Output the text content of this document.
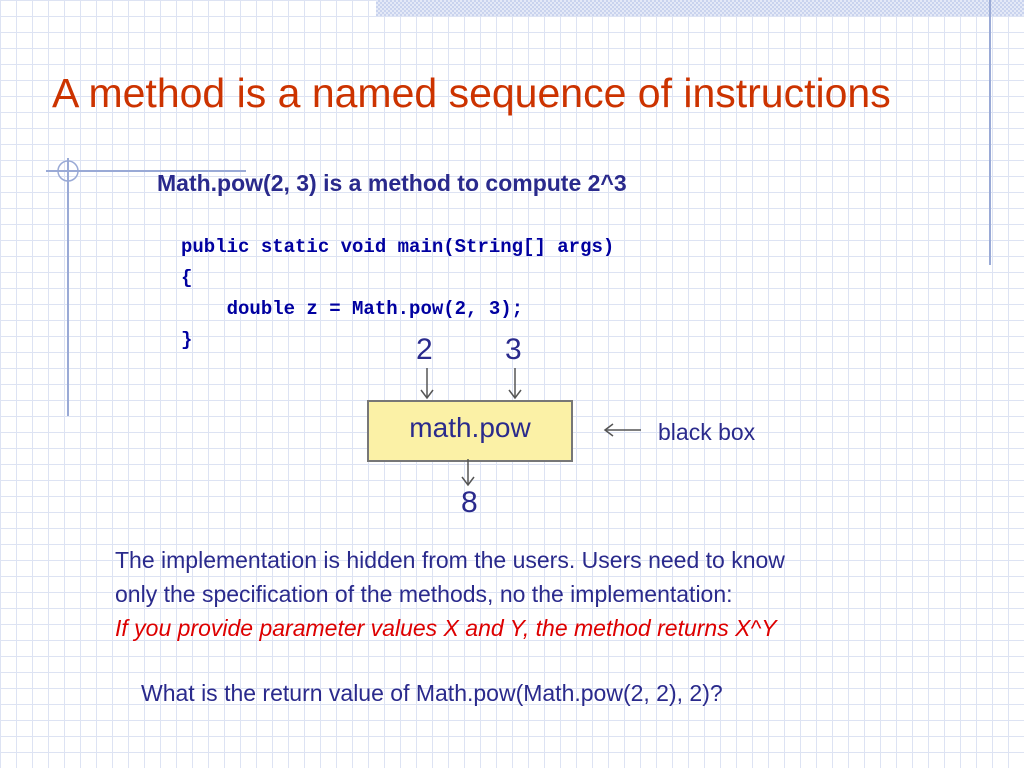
A method is a named sequence of instructions
Math.pow(2, 3) is a method to compute 2^3
public static void main(String[] args)
{
double z = Math.pow(2, 3);
}	2 3
math.pow	black box
8
The implementation is hidden from the users. Users need to know
only the specification of the methods, no the implementation:
If you provide parameter values X and Y, the method returns X^Y
What is the return value of Math.pow(Math.pow(2, 2), 2)?
